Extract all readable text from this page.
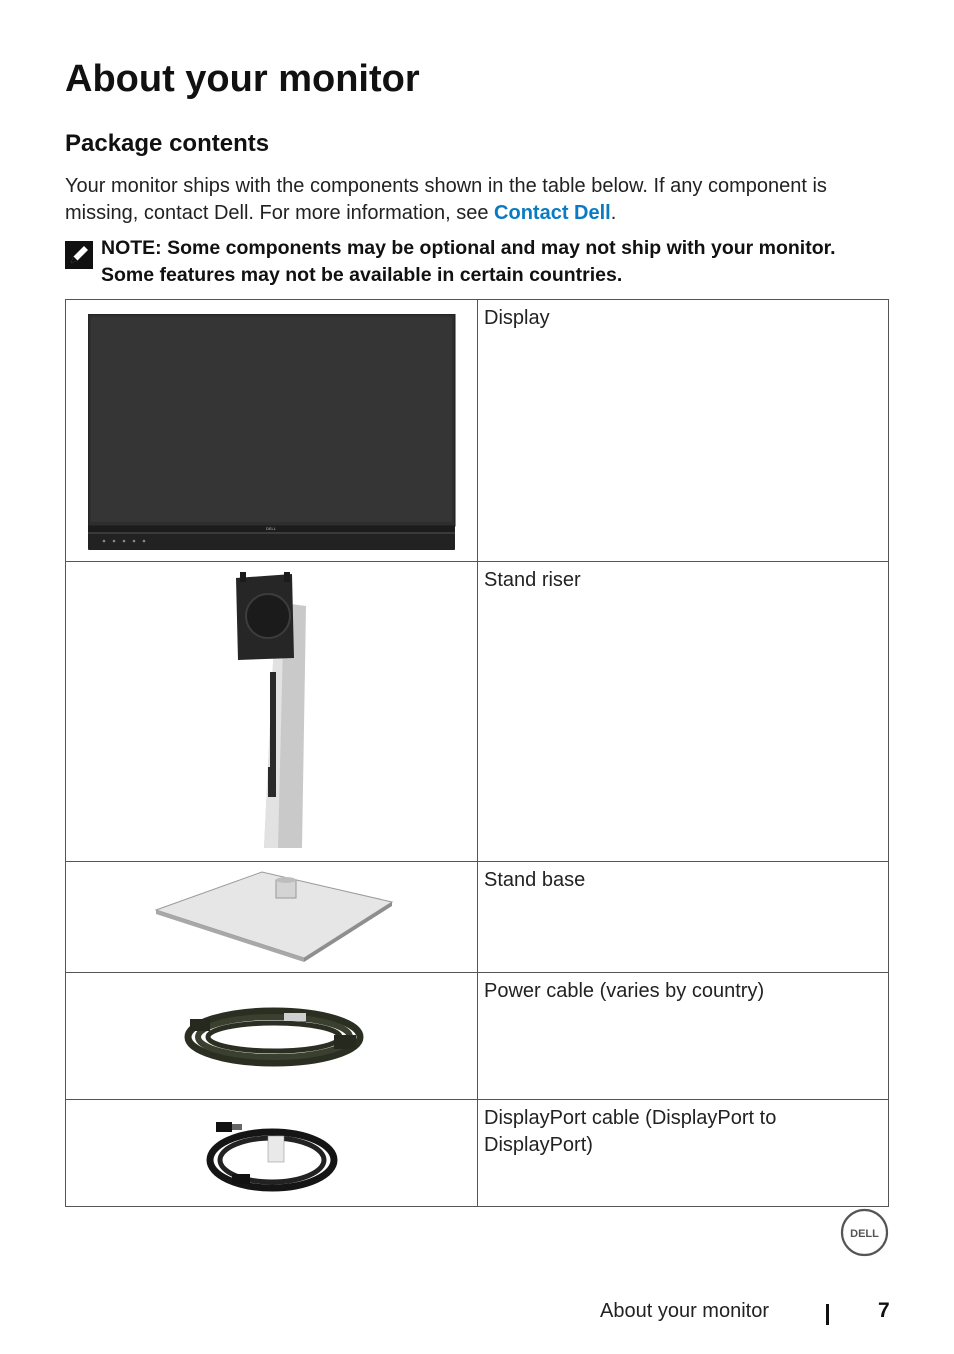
About your monitor
Package contents

Your monitor ships with the components shown in the table below. If any component is missing, contact Dell. For more information, see Contact Dell.

NOTE: Some components may be optional and may not ship with your monitor. Some features may not be available in certain countries.
DELL	Display

	Stand riser

	Stand base

	Power cable (varies by country)

	DisplayPort cable (DisplayPort to DisplayPort)
DELL
About your monitor	7
